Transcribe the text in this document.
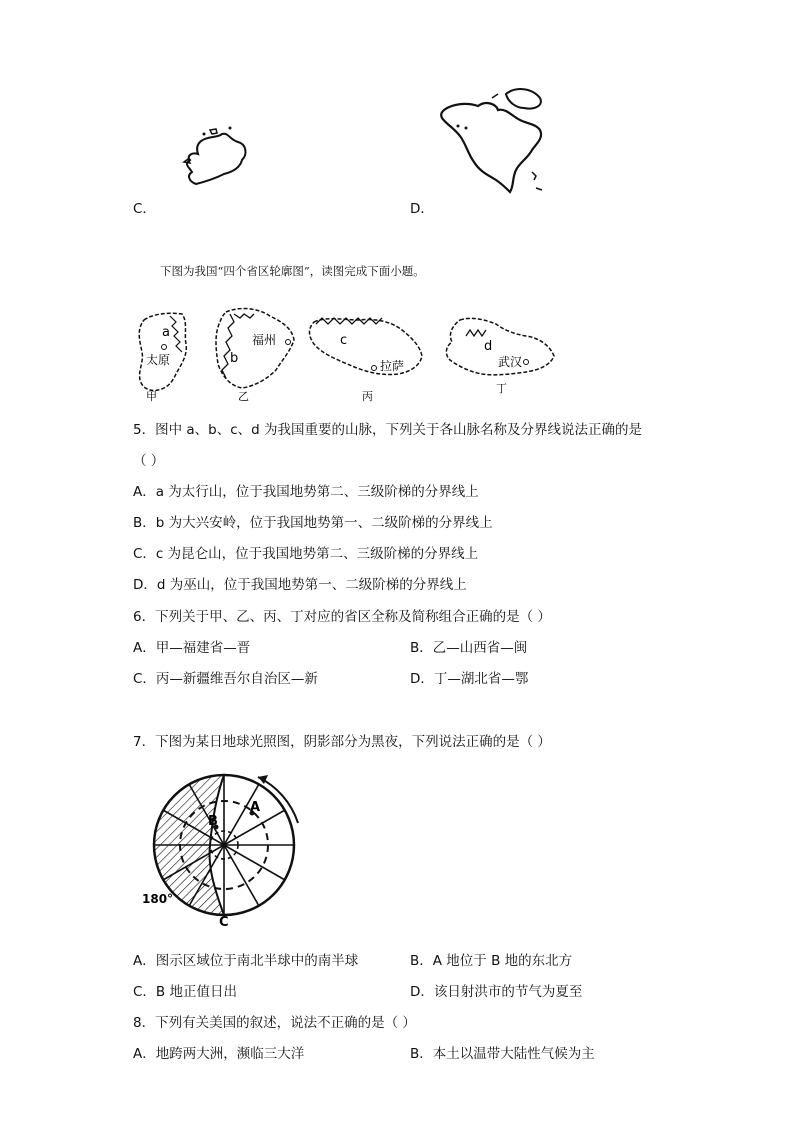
C．	D．
下图为我国“四个省区轮廓图”，读图完成下面小题。
a
太原
甲
福州
b
乙
c
拉萨
丙
d
武汉
丁
5．图中 a、b、c、d 为我国重要的山脉，下列关于各山脉名称及分界线说法正确的是
（ ）
A．a 为太行山，位于我国地势第二、三级阶梯的分界线上
B．b 为大兴安岭，位于我国地势第一、二级阶梯的分界线上
C．c 为昆仑山，位于我国地势第二、三级阶梯的分界线上
D．d 为巫山，位于我国地势第一、二级阶梯的分界线上
6．下列关于甲、乙、丙、丁对应的省区全称及简称组合正确的是（ ）
A．甲—福建省—晋	B．乙—山西省—闽
C．丙—新疆维吾尔自治区—新	D．丁—湖北省—鄂
7．下图为某日地球光照图，阴影部分为黑夜，下列说法正确的是（ ）
A
B
C
180°
A．图示区域位于南北半球中的南半球	B．A 地位于 B 地的东北方
C．B 地正值日出	D．该日射洪市的节气为夏至
8．下列有关美国的叙述，说法不正确的是（ ）
A．地跨两大洲，濒临三大洋	B．本土以温带大陆性气候为主
